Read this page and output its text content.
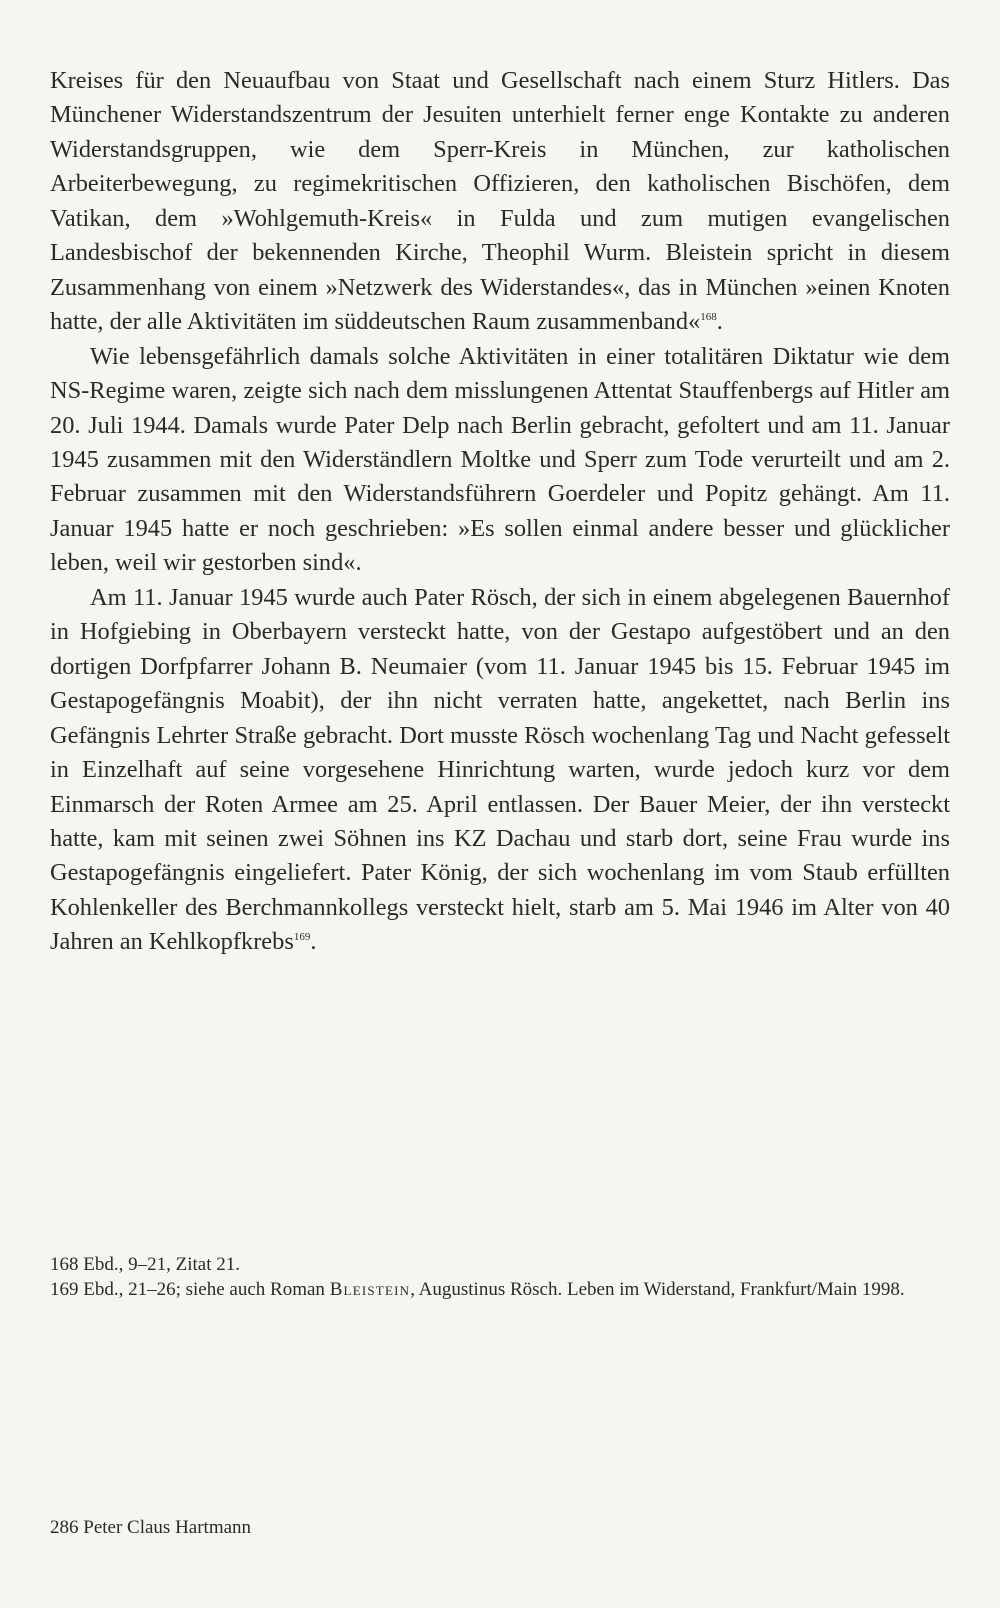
Kreises für den Neuaufbau von Staat und Gesellschaft nach einem Sturz Hitlers. Das Münchener Widerstandszentrum der Jesuiten unterhielt ferner enge Kontakte zu anderen Widerstandsgruppen, wie dem Sperr-Kreis in München, zur katholischen Arbeiterbewegung, zu regimekritischen Offizieren, den katholischen Bischöfen, dem Vatikan, dem »Wohlgemuth-Kreis« in Fulda und zum mutigen evangelischen Landesbischof der bekennenden Kirche, Theophil Wurm. Bleistein spricht in diesem Zusammenhang von einem »Netzwerk des Widerstandes«, das in München »einen Knoten hatte, der alle Aktivitäten im süddeutschen Raum zusammenband«$^{168}$.

Wie lebensgefährlich damals solche Aktivitäten in einer totalitären Diktatur wie dem NS-Regime waren, zeigte sich nach dem misslungenen Attentat Stauffenbergs auf Hitler am 20. Juli 1944. Damals wurde Pater Delp nach Berlin gebracht, gefoltert und am 11. Januar 1945 zusammen mit den Widerständlern Moltke und Sperr zum Tode verurteilt und am 2. Februar zusammen mit den Widerstandsführern Goerdeler und Popitz gehängt. Am 11. Januar 1945 hatte er noch geschrieben: »Es sollen einmal andere besser und glücklicher leben, weil wir gestorben sind«.

Am 11. Januar 1945 wurde auch Pater Rösch, der sich in einem abgelegenen Bauernhof in Hofgiebing in Oberbayern versteckt hatte, von der Gestapo aufgestöbert und an den dortigen Dorfpfarrer Johann B. Neumaier (vom 11. Januar 1945 bis 15. Februar 1945 im Gestapogefängnis Moabit), der ihn nicht verraten hatte, angekettet, nach Berlin ins Gefängnis Lehrter Straße gebracht. Dort musste Rösch wochenlang Tag und Nacht gefesselt in Einzelhaft auf seine vorgesehene Hinrichtung warten, wurde jedoch kurz vor dem Einmarsch der Roten Armee am 25. April entlassen. Der Bauer Meier, der ihn versteckt hatte, kam mit seinen zwei Söhnen ins KZ Dachau und starb dort, seine Frau wurde ins Gestapogefängnis eingeliefert. Pater König, der sich wochenlang im vom Staub erfüllten Kohlenkeller des Berchmannkollegs versteckt hielt, starb am 5. Mai 1946 im Alter von 40 Jahren an Kehlkopfkrebs$^{169}$.

168 Ebd., 9–21, Zitat 21.

169 Ebd., 21–26; siehe auch Roman Bleistein, Augustinus Rösch. Leben im Widerstand, Frankfurt/Main 1998.

286 Peter Claus Hartmann
